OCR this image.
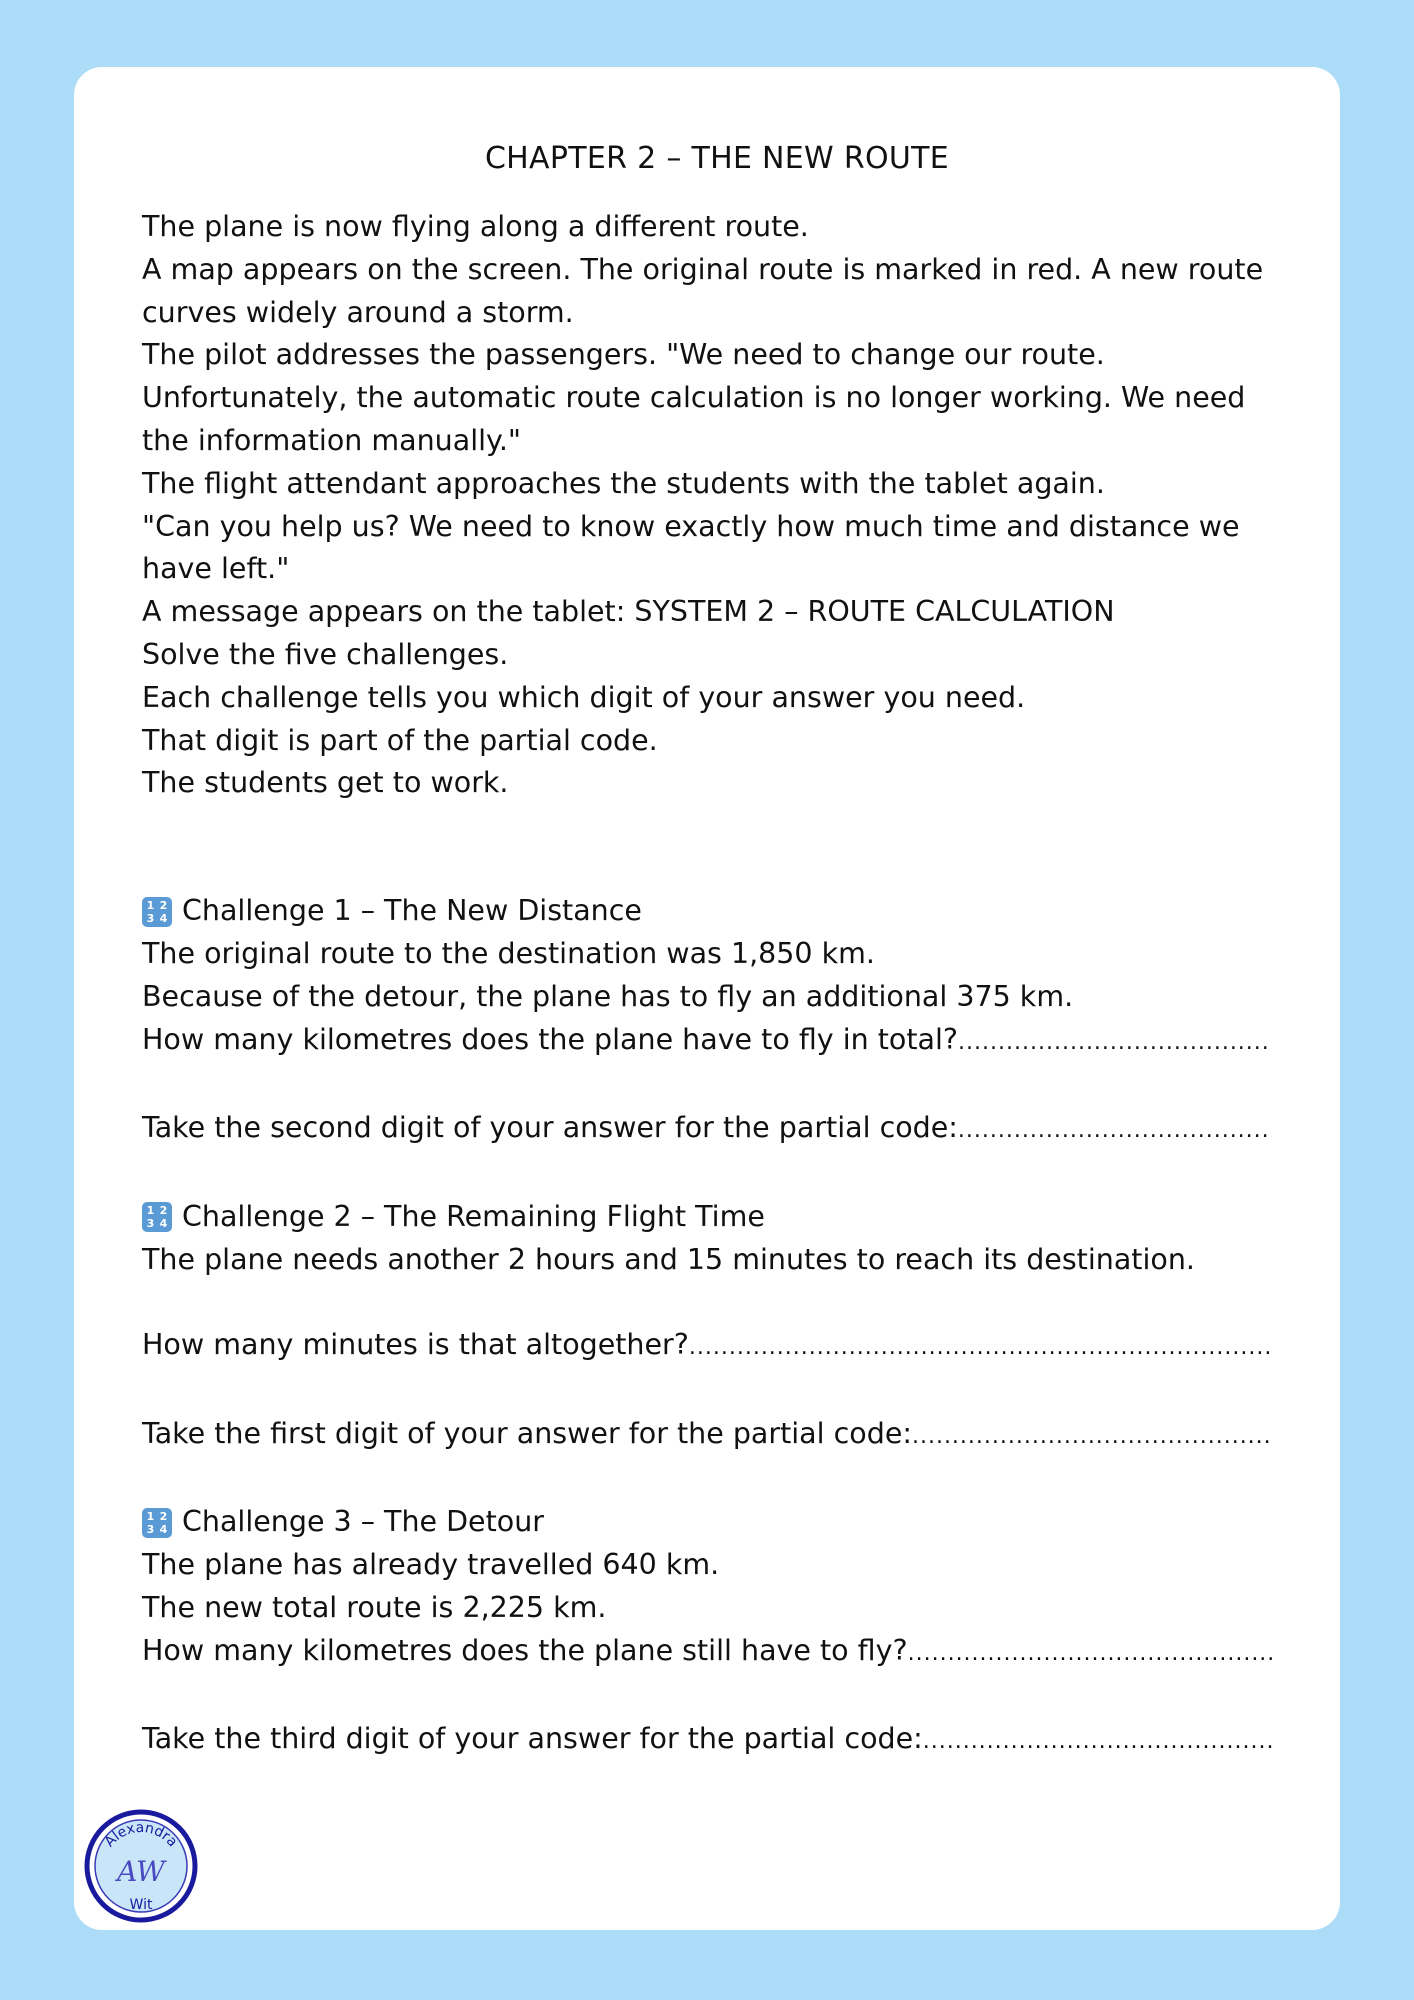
CHAPTER 2 – THE NEW ROUTE

The plane is now flying along a different route.

A map appears on the screen. The original route is marked in red. A new route

curves widely around a storm.

The pilot addresses the passengers. "We need to change our route.

Unfortunately, the automatic route calculation is no longer working. We need

the information manually."

The flight attendant approaches the students with the tablet again.

"Can you help us? We need to know exactly how much time and distance we

have left."

A message appears on the tablet: SYSTEM 2 – ROUTE CALCULATION

Solve the five challenges.

Each challenge tells you which digit of your answer you need.

That digit is part of the partial code.

The students get to work.

1 2
3 4 Challenge 1 – The New Distance

The original route to the destination was 1,850 km.

Because of the detour, the plane has to fly an additional 375 km.

How many kilometres does the plane have to fly in total?
.....
Take the second digit of your answer for the partial code:
.....
1 2
3 4 Challenge 2 – The Remaining Flight Time

The plane needs another 2 hours and 15 minutes to reach its destination.

How many minutes is that altogether?
.....
Take the first digit of your answer for the partial code:
.....
1 2
3 4 Challenge 3 – The Detour

The plane has already travelled 640 km.

The new total route is 2,225 km.

How many kilometres does the plane still have to fly?
.....
Take the third digit of your answer for the partial code:
.....
Alexandra
AW
Wit
